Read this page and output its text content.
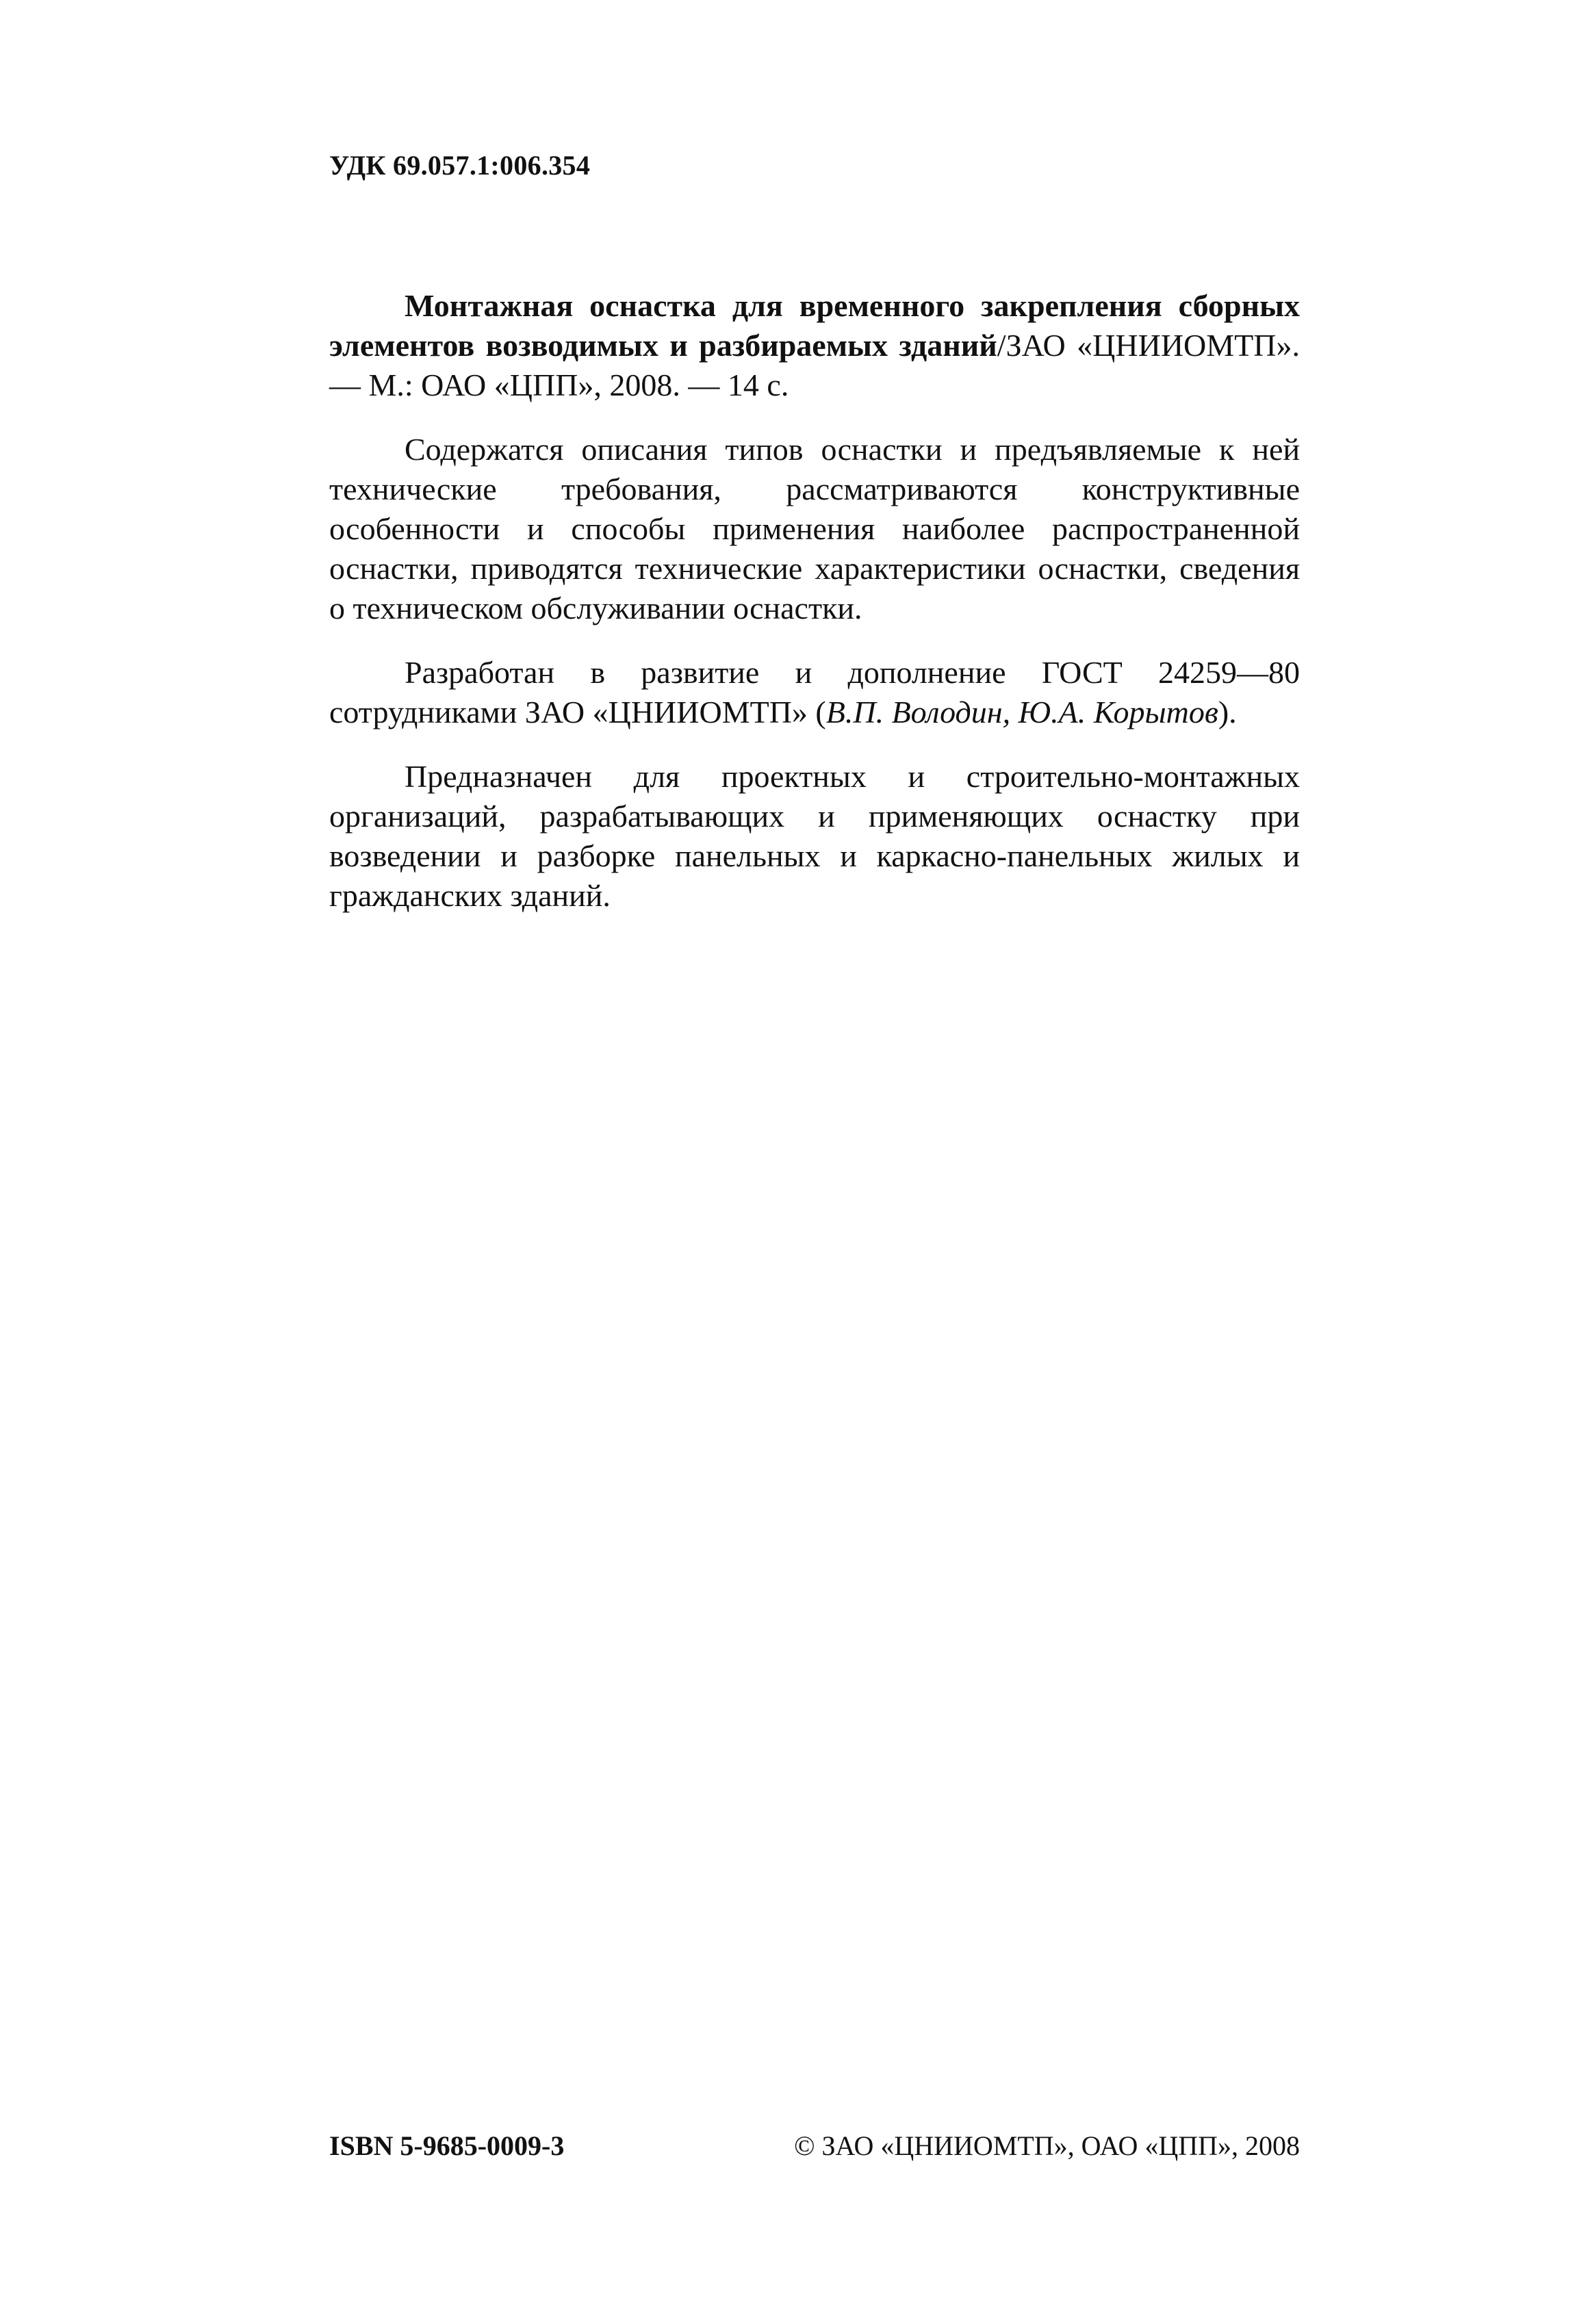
УДК 69.057.1:006.354

Монтажная оснастка для временного закрепления сборных элементов возводимых и разбираемых зданий/ЗАО «ЦНИИОМТП». — М.: ОАО «ЦПП», 2008. — 14 с.

Содержатся описания типов оснастки и предъявляемые к ней технические требования, рассматриваются конструктивные особенности и способы применения наиболее распространенной оснастки, приводятся технические характеристики оснастки, сведения о техническом обслуживании оснастки.

Разработан в развитие и дополнение ГОСТ 24259—80 сотрудниками ЗАО «ЦНИИОМТП» (В.П. Володин, Ю.А. Корытов).

Предназначен для проектных и строительно-монтажных организаций, разрабатывающих и применяющих оснастку при возведении и разборке панельных и каркасно-панельных жилых и гражданских зданий.

ISBN 5-9685-0009-3	© ЗАО «ЦНИИОМТП», ОАО «ЦПП», 2008
